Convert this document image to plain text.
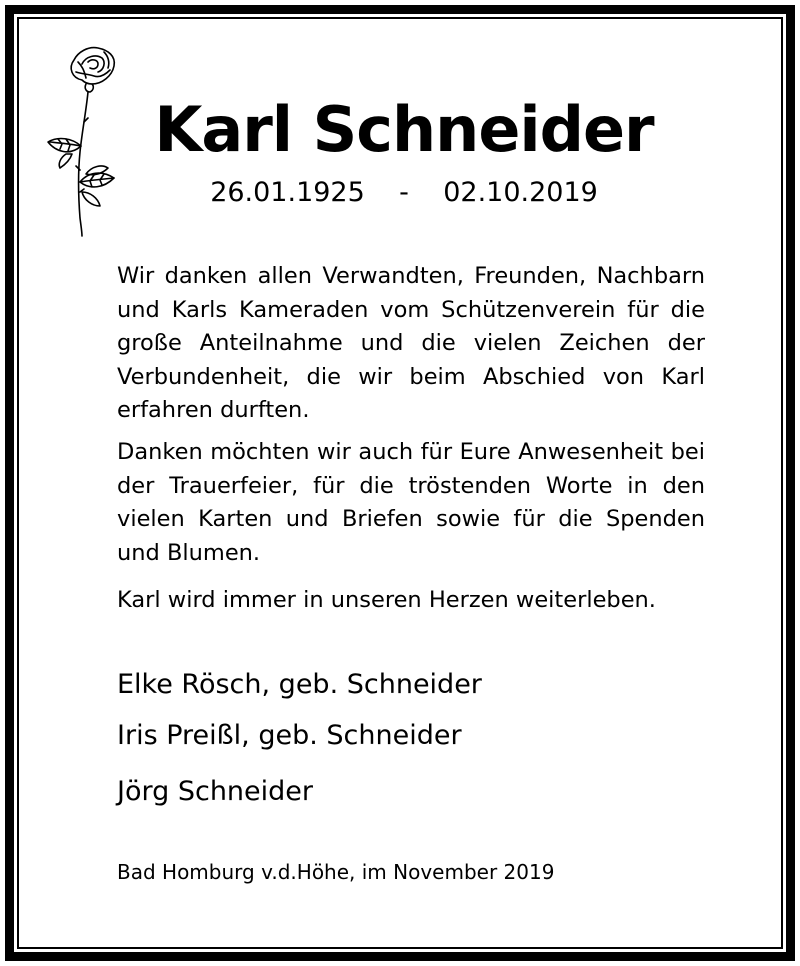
Karl Schneider
26.01.1925 - 02.10.2019

Wir danken allen Verwandten, Freunden, Nachbarn und Karls Kameraden vom Schützenverein für die große Anteilnahme und die vielen Zeichen der Verbundenheit, die wir beim Abschied von Karl erfahren durften.

Danken möchten wir auch für Eure Anwesenheit bei der Trauerfeier, für die tröstenden Worte in den vielen Karten und Briefen sowie für die Spenden und Blumen.

Karl wird immer in unseren Herzen weiterleben.

Elke Rösch, geb. Schneider
Iris Preißl, geb. Schneider
Jörg Schneider
Bad Homburg v.d.Höhe, im November 2019
